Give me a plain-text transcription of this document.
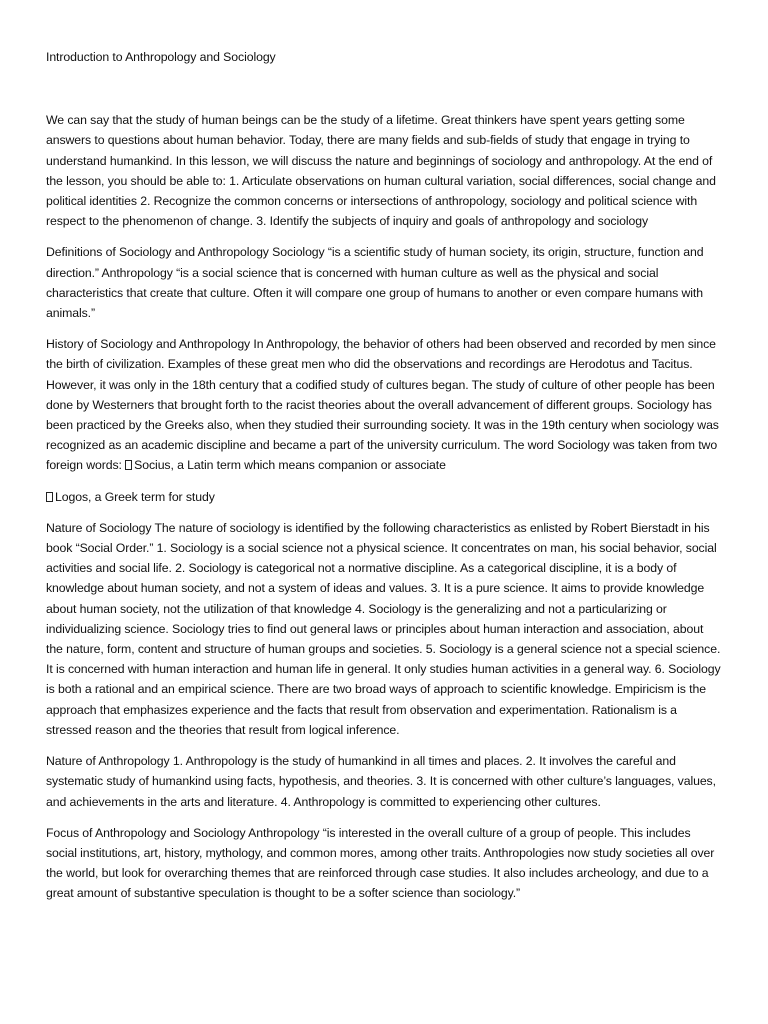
Introduction to Anthropology and Sociology

We can say that the study of human beings can be the study of a lifetime. Great thinkers have spent years getting some answers to questions about human behavior. Today, there are many fields and sub-fields of study that engage in trying to understand humankind. In this lesson, we will discuss the nature and beginnings of sociology and anthropology. At the end of the lesson, you should be able to: 1. Articulate observations on human cultural variation, social differences, social change and political identities 2. Recognize the common concerns or intersections of anthropology, sociology and political science with respect to the phenomenon of change. 3. Identify the subjects of inquiry and goals of anthropology and sociology

Definitions of Sociology and Anthropology Sociology “is a scientific study of human society, its origin, structure, function and direction.” Anthropology “is a social science that is concerned with human culture as well as the physical and social characteristics that create that culture. Often it will compare one group of humans to another or even compare humans with animals.”

History of Sociology and Anthropology In Anthropology, the behavior of others had been observed and recorded by men since the birth of civilization. Examples of these great men who did the observations and recordings are Herodotus and Tacitus. However, it was only in the 18th century that a codified study of cultures began. The study of culture of other people has been done by Westerners that brought forth to the racist theories about the overall advancement of different groups. Sociology has been practiced by the Greeks also, when they studied their surrounding society. It was in the 19th century when sociology was recognized as an academic discipline and became a part of the university curriculum. The word Sociology was taken from two foreign words: Socius, a Latin term which means companion or associate

Logos, a Greek term for study

Nature of Sociology The nature of sociology is identified by the following characteristics as enlisted by Robert Bierstadt in his book “Social Order.” 1. Sociology is a social science not a physical science. It concentrates on man, his social behavior, social activities and social life. 2. Sociology is categorical not a normative discipline. As a categorical discipline, it is a body of knowledge about human society, and not a system of ideas and values. 3. It is a pure science. It aims to provide knowledge about human society, not the utilization of that knowledge 4. Sociology is the generalizing and not a particularizing or individualizing science. Sociology tries to find out general laws or principles about human interaction and association, about the nature, form, content and structure of human groups and societies. 5. Sociology is a general science not a special science. It is concerned with human interaction and human life in general. It only studies human activities in a general way. 6. Sociology is both a rational and an empirical science. There are two broad ways of approach to scientific knowledge. Empiricism is the approach that emphasizes experience and the facts that result from observation and experimentation. Rationalism is a stressed reason and the theories that result from logical inference.

Nature of Anthropology 1. Anthropology is the study of humankind in all times and places. 2. It involves the careful and systematic study of humankind using facts, hypothesis, and theories. 3. It is concerned with other culture’s languages, values, and achievements in the arts and literature. 4. Anthropology is committed to experiencing other cultures.

Focus of Anthropology and Sociology Anthropology “is interested in the overall culture of a group of people. This includes social institutions, art, history, mythology, and common mores, among other traits. Anthropologies now study societies all over the world, but look for overarching themes that are reinforced through case studies. It also includes archeology, and due to a great amount of substantive speculation is thought to be a softer science than sociology.”
